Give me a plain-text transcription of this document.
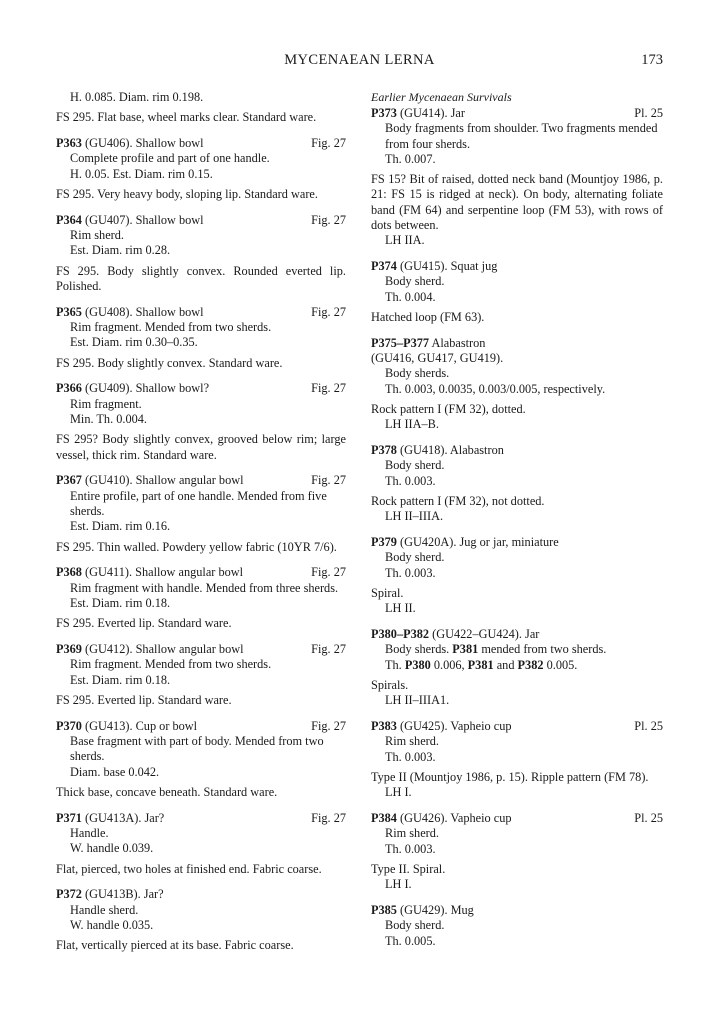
MYCENAEAN LERNA	173
H. 0.085. Diam. rim 0.198.

FS 295. Flat base, wheel marks clear. Standard ware.

P363 (GU406). Shallow bowl	Fig. 27
Complete profile and part of one handle.
H. 0.05. Est. Diam. rim 0.15.

FS 295. Very heavy body, sloping lip. Standard ware.

P364 (GU407). Shallow bowl	Fig. 27
Rim sherd.
Est. Diam. rim 0.28.

FS 295. Body slightly convex. Rounded everted lip. Polished.

P365 (GU408). Shallow bowl	Fig. 27
Rim fragment. Mended from two sherds.
Est. Diam. rim 0.30–0.35.

FS 295. Body slightly convex. Standard ware.

P366 (GU409). Shallow bowl?	Fig. 27
Rim fragment.
Min. Th. 0.004.

FS 295? Body slightly convex, grooved below rim; large vessel, thick rim. Standard ware.

P367 (GU410). Shallow angular bowl	Fig. 27
Entire profile, part of one handle. Mended from five sherds.
Est. Diam. rim 0.16.

FS 295. Thin walled. Powdery yellow fabric (10YR 7/6).

P368 (GU411). Shallow angular bowl	Fig. 27
Rim fragment with handle. Mended from three sherds.
Est. Diam. rim 0.18.

FS 295. Everted lip. Standard ware.

P369 (GU412). Shallow angular bowl	Fig. 27
Rim fragment. Mended from two sherds.
Est. Diam. rim 0.18.

FS 295. Everted lip. Standard ware.

P370 (GU413). Cup or bowl	Fig. 27
Base fragment with part of body. Mended from two sherds.
Diam. base 0.042.

Thick base, concave beneath. Standard ware.

P371 (GU413A). Jar?	Fig. 27
Handle.
W. handle 0.039.

Flat, pierced, two holes at finished end. Fabric coarse.

P372 (GU413B). Jar?
Handle sherd.
W. handle 0.035.

Flat, vertically pierced at its base. Fabric coarse.

Earlier Mycenaean Survivals
P373 (GU414). Jar	Pl. 25
Body fragments from shoulder. Two fragments mended from four sherds.
Th. 0.007.

FS 15? Bit of raised, dotted neck band (Mountjoy 1986, p. 21: FS 15 is ridged at neck). On body, alternating foliate band (FM 64) and serpentine loop (FM 53), with rows of dots between.

LH IIA.
P374 (GU415). Squat jug
Body sherd.
Th. 0.004.

Hatched loop (FM 63).

P375–P377 Alabastron
(GU416, GU417, GU419).
Body sherds.
Th. 0.003, 0.0035, 0.003/0.005, respectively.

Rock pattern I (FM 32), dotted.

LH IIA–B.
P378 (GU418). Alabastron
Body sherd.
Th. 0.003.

Rock pattern I (FM 32), not dotted.

LH II–IIIA.
P379 (GU420A). Jug or jar, miniature
Body sherd.
Th. 0.003.

Spiral.

LH II.
P380–P382 (GU422–GU424). Jar
Body sherds. P381 mended from two sherds.
Th. P380 0.006, P381 and P382 0.005.

Spirals.

LH II–IIIA1.
P383 (GU425). Vapheio cup	Pl. 25
Rim sherd.
Th. 0.003.

Type II (Mountjoy 1986, p. 15). Ripple pattern (FM 78).

LH I.
P384 (GU426). Vapheio cup	Pl. 25
Rim sherd.
Th. 0.003.

Type II. Spiral.

LH I.
P385 (GU429). Mug
Body sherd.
Th. 0.005.
